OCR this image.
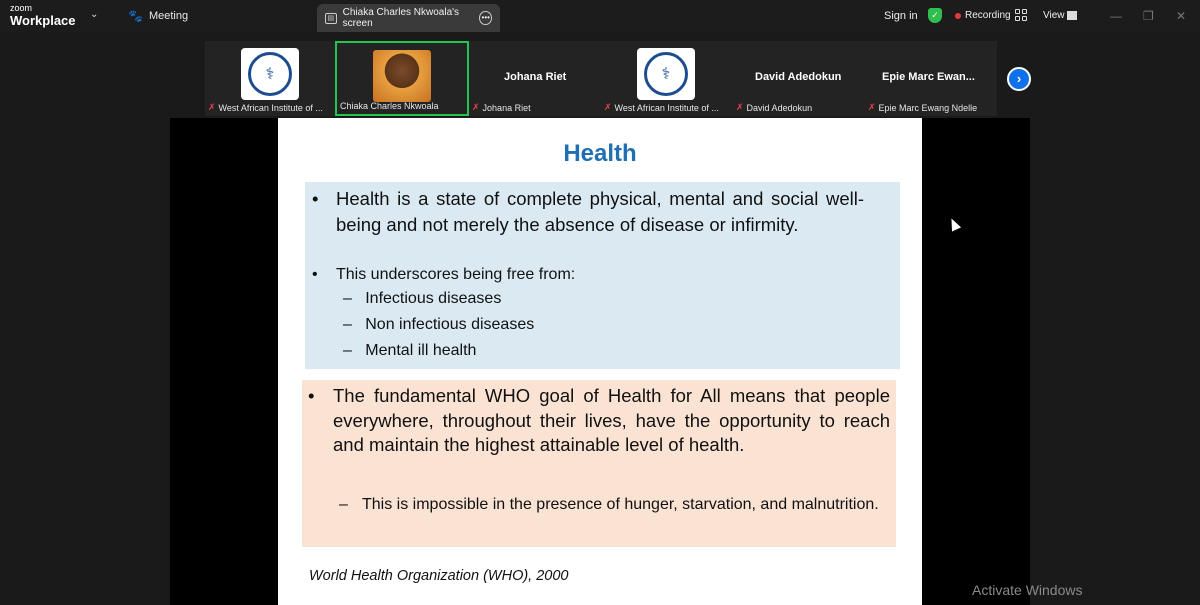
zoom
Workplace ⌄ 🐾 Meeting	▤ Chiaka Charles Nkwoala's screen
•••	Sign in	✓	Recording	View	— ❐ ✕
⚕
✗ West African Institute of ... Chiaka Charles Nkwoala
Johana Riet
✗ Johana Riet
⚕
✗ West African Institute of ...
David Adedokun
✗ David Adedokun
Epie Marc Ewan...
✗ Epie Marc Ewang Ndelle
›
Health
• Health is a state of complete physical, mental and social well-being and not merely the absence of disease or infirmity.
• This underscores being free from:
–   Infectious diseases
–   Non infectious diseases
–   Mental ill health
• The fundamental WHO goal of Health for All means that people everywhere, throughout their lives, have the opportunity to reach and maintain the highest attainable level of health.
– This is impossible in the presence of hunger, starvation, and malnutrition.
World Health Organization (WHO), 2000
Activate Windows
